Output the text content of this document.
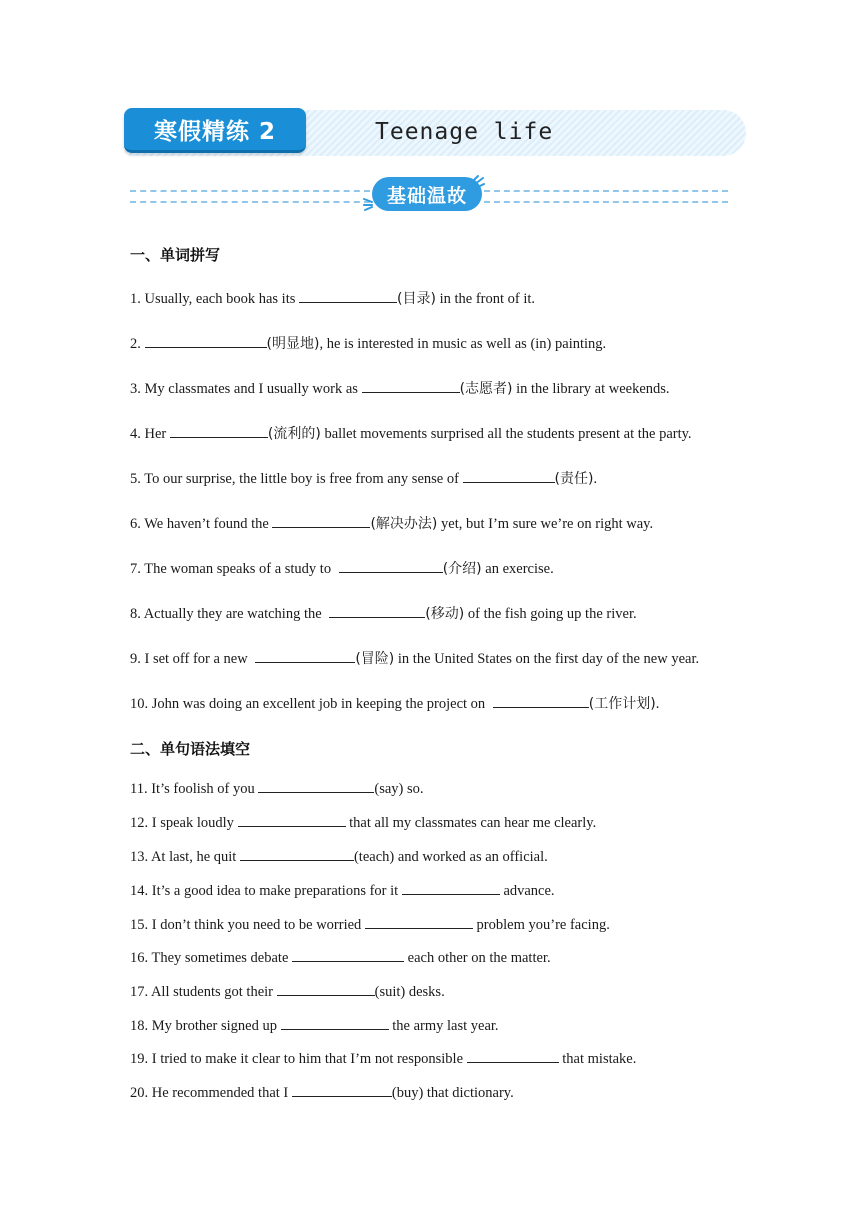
寒假精练 2	Teenage life
基础温故
一、单词拼写
二、单句语法填空
1. Usually, each book has its	(目录) in the front of it.
2.	(明显地), he is interested in music as well as (in) painting.
3. My classmates and I usually work as	(志愿者) in the library at weekends.
4. Her	(流利的) ballet movements surprised all the students present at the party.
5. To our surprise, the little boy is free from any sense of	(责任).
6. We haven’t found the	(解决办法) yet, but I’m sure we’re on right way.
7. The woman speaks of a study to	(介绍) an exercise.
8. Actually they are watching the	(移动) of the fish going up the river.
9. I set off for a new	(冒险) in the United States on the first day of the new year.
10. John was doing an excellent job in keeping the project on	(工作计划).
11. It’s foolish of you	(say) so.
12. I speak loudly	that all my classmates can hear me clearly.
13. At last, he quit	(teach) and worked as an official.
14. It’s a good idea to make preparations for it	advance.
15. I don’t think you need to be worried	problem you’re facing.
16. They sometimes debate	each other on the matter.
17. All students got their	(suit) desks.
18. My brother signed up	the army last year.
19. I tried to make it clear to him that I’m not responsible	that mistake.
20. He recommended that I	(buy) that dictionary.
